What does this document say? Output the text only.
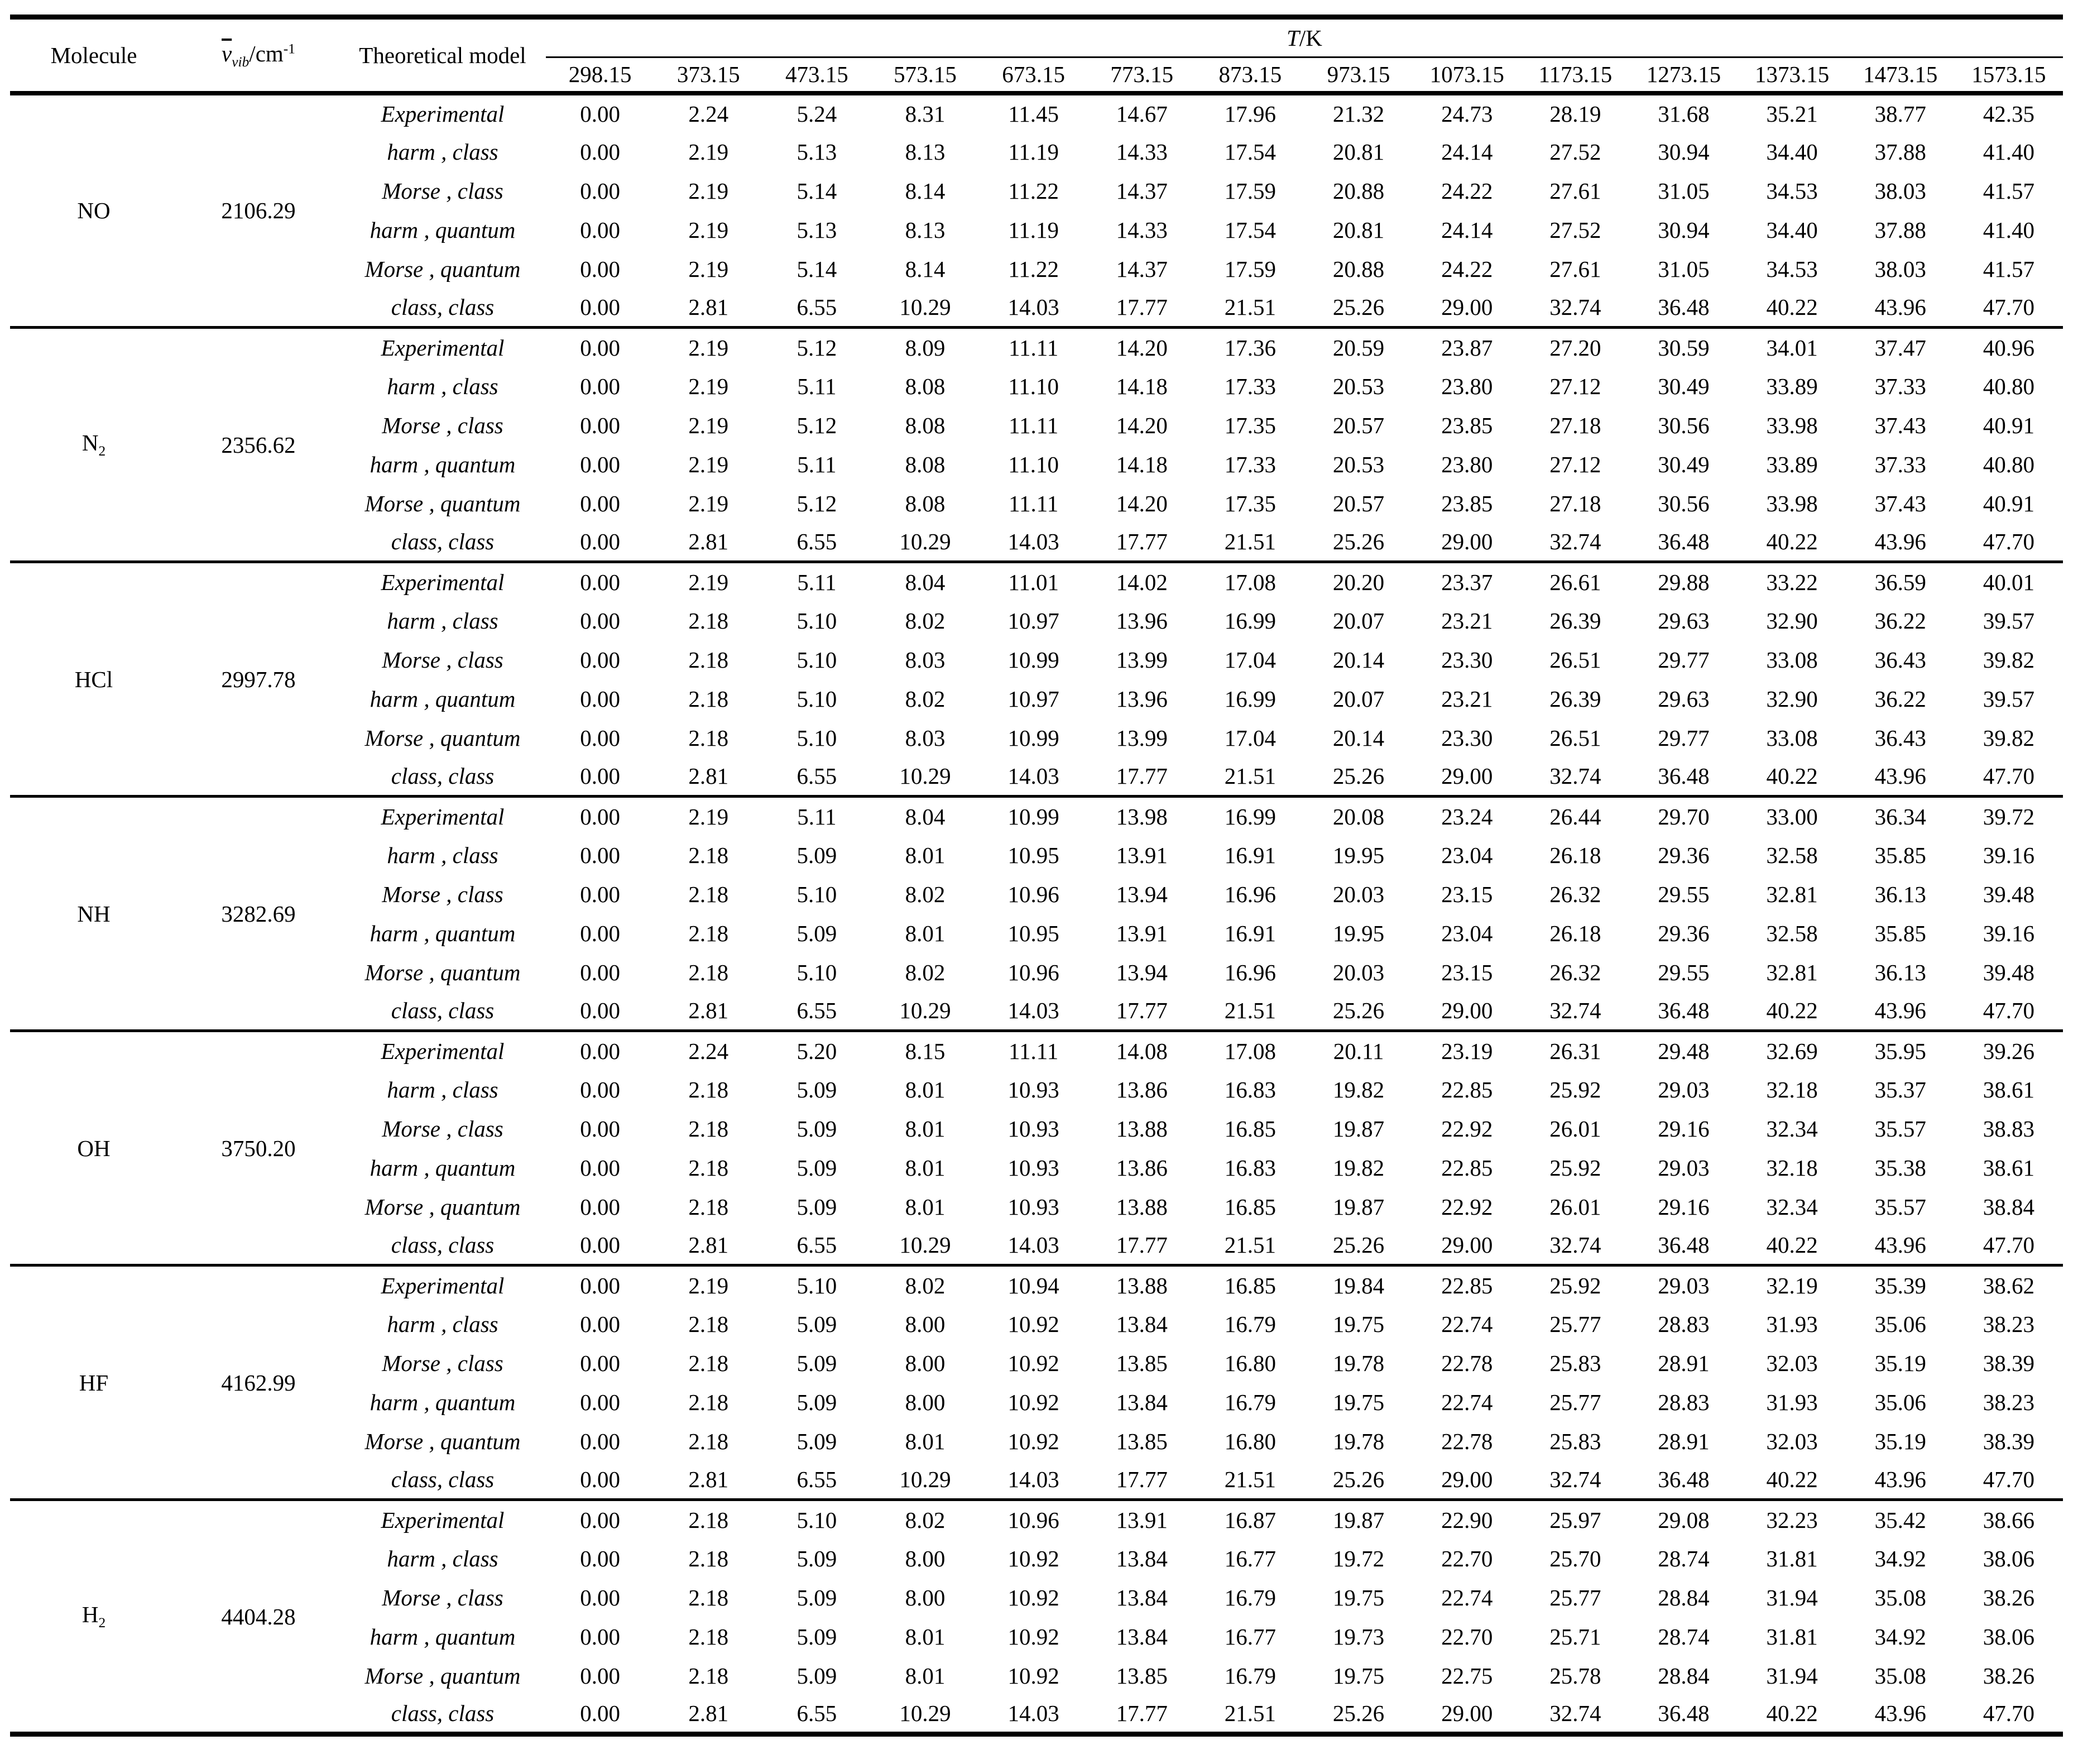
Molecule	$\overline{\nu}_{vib}/cm^{-1}$	Theoretical model	T/K													
			298.15	373.15	473.15	573.15	673.15	773.15	873.15	973.15	1073.15	1173.15	1273.15	1373.15	1473.15	1573.15
NO	2106.29	Experimental	0.00	2.24	5.24	8.31	11.45	14.67	17.96	21.32	24.73	28.19	31.68	35.21	38.77	42.35
		harm , class	0.00	2.19	5.13	8.13	11.19	14.33	17.54	20.81	24.14	27.52	30.94	34.40	37.88	41.40
		Morse , class	0.00	2.19	5.14	8.14	11.22	14.37	17.59	20.88	24.22	27.61	31.05	34.53	38.03	41.57
		harm , quantum	0.00	2.19	5.13	8.13	11.19	14.33	17.54	20.81	24.14	27.52	30.94	34.40	37.88	41.40
		Morse , quantum	0.00	2.19	5.14	8.14	11.22	14.37	17.59	20.88	24.22	27.61	31.05	34.53	38.03	41.57
		class, class	0.00	2.81	6.55	10.29	14.03	17.77	21.51	25.26	29.00	32.74	36.48	40.22	43.96	47.70
$N_2$	2356.62	Experimental	0.00	2.19	5.12	8.09	11.11	14.20	17.36	20.59	23.87	27.20	30.59	34.01	37.47	40.96
		harm , class	0.00	2.19	5.11	8.08	11.10	14.18	17.33	20.53	23.80	27.12	30.49	33.89	37.33	40.80
		Morse , class	0.00	2.19	5.12	8.08	11.11	14.20	17.35	20.57	23.85	27.18	30.56	33.98	37.43	40.91
		harm , quantum	0.00	2.19	5.11	8.08	11.10	14.18	17.33	20.53	23.80	27.12	30.49	33.89	37.33	40.80
		Morse , quantum	0.00	2.19	5.12	8.08	11.11	14.20	17.35	20.57	23.85	27.18	30.56	33.98	37.43	40.91
		class, class	0.00	2.81	6.55	10.29	14.03	17.77	21.51	25.26	29.00	32.74	36.48	40.22	43.96	47.70
HCl	2997.78	Experimental	0.00	2.19	5.11	8.04	11.01	14.02	17.08	20.20	23.37	26.61	29.88	33.22	36.59	40.01
		harm , class	0.00	2.18	5.10	8.02	10.97	13.96	16.99	20.07	23.21	26.39	29.63	32.90	36.22	39.57
		Morse , class	0.00	2.18	5.10	8.03	10.99	13.99	17.04	20.14	23.30	26.51	29.77	33.08	36.43	39.82
		harm , quantum	0.00	2.18	5.10	8.02	10.97	13.96	16.99	20.07	23.21	26.39	29.63	32.90	36.22	39.57
		Morse , quantum	0.00	2.18	5.10	8.03	10.99	13.99	17.04	20.14	23.30	26.51	29.77	33.08	36.43	39.82
		class, class	0.00	2.81	6.55	10.29	14.03	17.77	21.51	25.26	29.00	32.74	36.48	40.22	43.96	47.70
NH	3282.69	Experimental	0.00	2.19	5.11	8.04	10.99	13.98	16.99	20.08	23.24	26.44	29.70	33.00	36.34	39.72
		harm , class	0.00	2.18	5.09	8.01	10.95	13.91	16.91	19.95	23.04	26.18	29.36	32.58	35.85	39.16
		Morse , class	0.00	2.18	5.10	8.02	10.96	13.94	16.96	20.03	23.15	26.32	29.55	32.81	36.13	39.48
		harm , quantum	0.00	2.18	5.09	8.01	10.95	13.91	16.91	19.95	23.04	26.18	29.36	32.58	35.85	39.16
		Morse , quantum	0.00	2.18	5.10	8.02	10.96	13.94	16.96	20.03	23.15	26.32	29.55	32.81	36.13	39.48
		class, class	0.00	2.81	6.55	10.29	14.03	17.77	21.51	25.26	29.00	32.74	36.48	40.22	43.96	47.70
OH	3750.20	Experimental	0.00	2.24	5.20	8.15	11.11	14.08	17.08	20.11	23.19	26.31	29.48	32.69	35.95	39.26
		harm , class	0.00	2.18	5.09	8.01	10.93	13.86	16.83	19.82	22.85	25.92	29.03	32.18	35.37	38.61
		Morse , class	0.00	2.18	5.09	8.01	10.93	13.88	16.85	19.87	22.92	26.01	29.16	32.34	35.57	38.83
		harm , quantum	0.00	2.18	5.09	8.01	10.93	13.86	16.83	19.82	22.85	25.92	29.03	32.18	35.38	38.61
		Morse , quantum	0.00	2.18	5.09	8.01	10.93	13.88	16.85	19.87	22.92	26.01	29.16	32.34	35.57	38.84
		class, class	0.00	2.81	6.55	10.29	14.03	17.77	21.51	25.26	29.00	32.74	36.48	40.22	43.96	47.70
HF	4162.99	Experimental	0.00	2.19	5.10	8.02	10.94	13.88	16.85	19.84	22.85	25.92	29.03	32.19	35.39	38.62
		harm , class	0.00	2.18	5.09	8.00	10.92	13.84	16.79	19.75	22.74	25.77	28.83	31.93	35.06	38.23
		Morse , class	0.00	2.18	5.09	8.00	10.92	13.85	16.80	19.78	22.78	25.83	28.91	32.03	35.19	38.39
		harm , quantum	0.00	2.18	5.09	8.00	10.92	13.84	16.79	19.75	22.74	25.77	28.83	31.93	35.06	38.23
		Morse , quantum	0.00	2.18	5.09	8.01	10.92	13.85	16.80	19.78	22.78	25.83	28.91	32.03	35.19	38.39
		class, class	0.00	2.81	6.55	10.29	14.03	17.77	21.51	25.26	29.00	32.74	36.48	40.22	43.96	47.70
$H_2$	4404.28	Experimental	0.00	2.18	5.10	8.02	10.96	13.91	16.87	19.87	22.90	25.97	29.08	32.23	35.42	38.66
		harm , class	0.00	2.18	5.09	8.00	10.92	13.84	16.77	19.72	22.70	25.70	28.74	31.81	34.92	38.06
		Morse , class	0.00	2.18	5.09	8.00	10.92	13.84	16.79	19.75	22.74	25.77	28.84	31.94	35.08	38.26
		harm , quantum	0.00	2.18	5.09	8.01	10.92	13.84	16.77	19.73	22.70	25.71	28.74	31.81	34.92	38.06
		Morse , quantum	0.00	2.18	5.09	8.01	10.92	13.85	16.79	19.75	22.75	25.78	28.84	31.94	35.08	38.26
		class, class	0.00	2.81	6.55	10.29	14.03	17.77	21.51	25.26	29.00	32.74	36.48	40.22	43.96	47.70
